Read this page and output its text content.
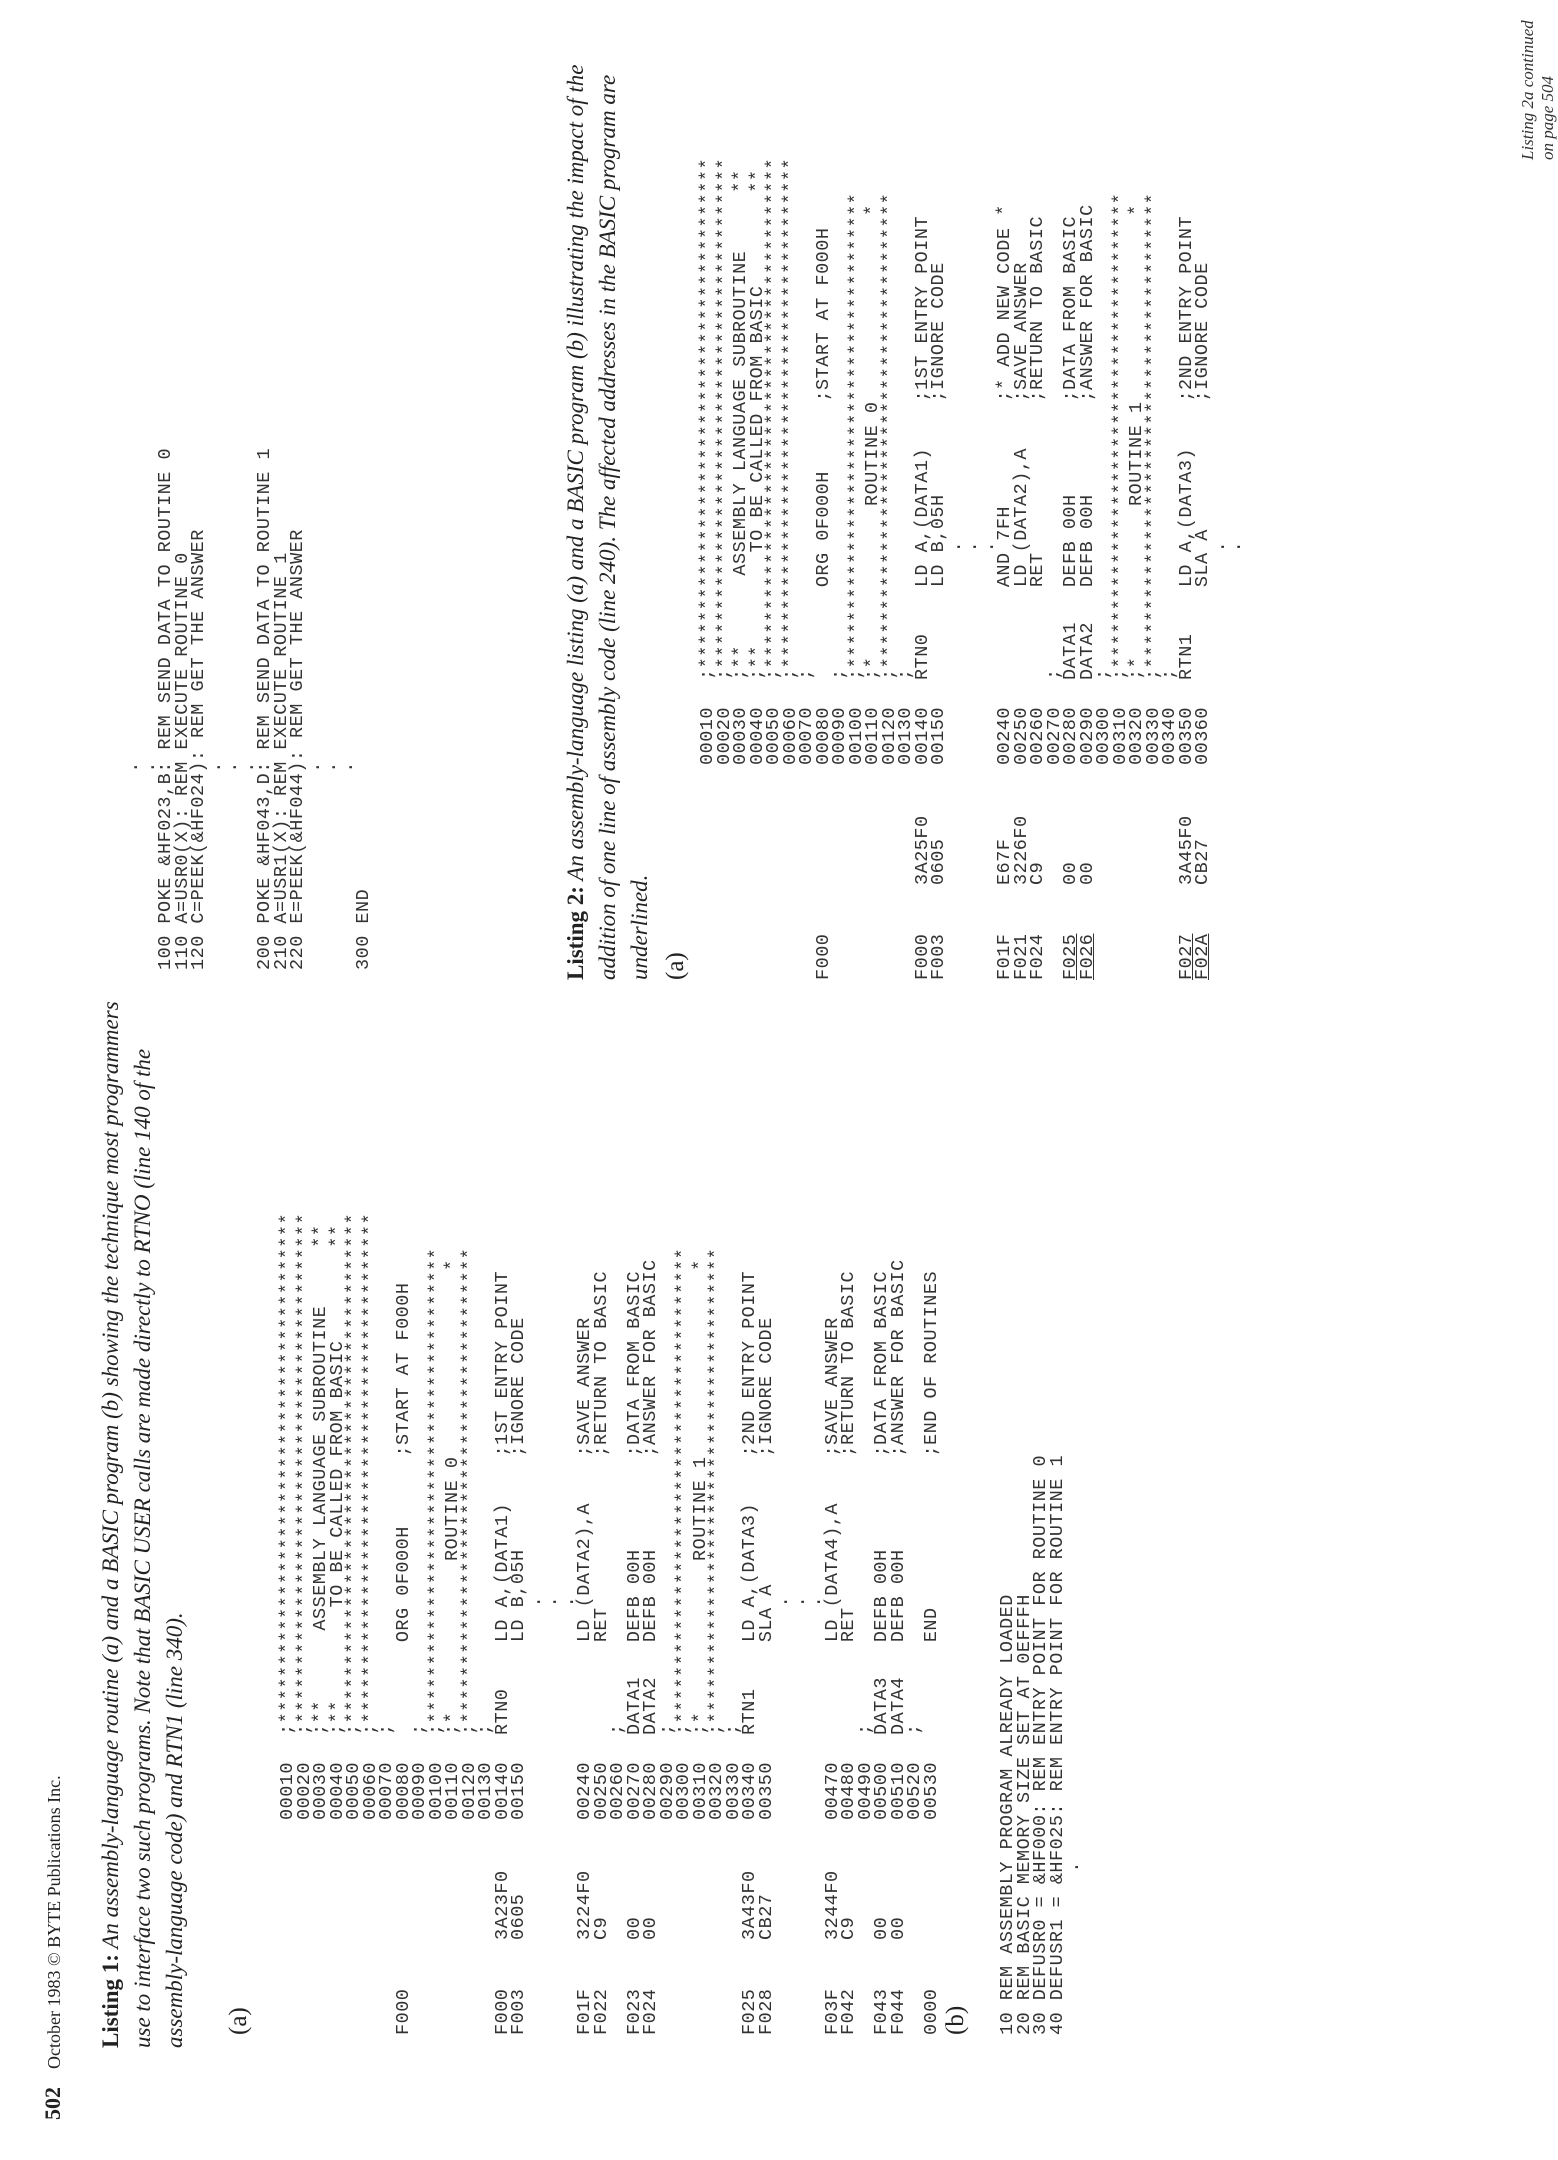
502October 1983 © BYTE Publications Inc.
Listing 2a continued on page 504
Listing 1: An assembly-language routine (a) and a BASIC program (b) showing the technique most programmers use to interface two such programs. Note that BASIC USER calls are made directly to RTNO (line 140 of the assembly-language code) and RTN1 (line 340). (a)
00010
;********************************************
00020
;********************************************
00030
;**      ASSEMBLY LANGUAGE SUBROUTINE     **
00040
;**        TO BE CALLED FROM BASIC        **
00050
;********************************************
00060
;********************************************
00070
;
F000
00080
ORG 0F000H      ;START AT F000H
00090
;
00100
;*****************************************
00110
;*             ROUTINE 0                *
00120
;*****************************************
00130
;
F000
3A23F0
00140
RTN0    LD A,(DATA1)    ;1ST ENTRY POINT
F003
0605
00150
LD B,05H        ;IGNORE CODE
.
.
.
F01F
3224F0
00240
LD (DATA2),A    ;SAVE ANSWER
F022
C9
00250
RET             ;RETURN TO BASIC
00260
;
F023
00
00270
DATA1   DEFB 00H        ;DATA FROM BASIC
F024
00
00280
DATA2   DEFB 00H        ;ANSWER FOR BASIC
00290
;
00300
;*****************************************
00310
;*             ROUTINE 1                *
00320
;*****************************************
00330
;
F025
3A43F0
00340
RTN1    LD A,(DATA3)    ;2ND ENTRY POINT
F028
CB27
00350
SLA A           ;IGNORE CODE
.
.
.
F03F
3244F0
00470
LD (DATA4),A    ;SAVE ANSWER
F042
C9
00480
RET             ;RETURN TO BASIC
00490
;
F043
00
00500
DATA3   DEFB 00H        ;DATA FROM BASIC
F044
00
00510
DATA4   DEFB 00H        ;ANSWER FOR BASIC
00520
;
0000
00530
END             ;END OF ROUTINES
(b) 10 REM ASSEMBLY PROGRAM ALREADY LOADED
20 REM BASIC MEMORY SIZE SET AT 0EFFFH
30 DEFUSR0 = &HF000: REM ENTRY POINT FOR ROUTINE 0
40 DEFUSR1 = &HF025: REM ENTRY POINT FOR ROUTINE 1
.
.
.
100 POKE &HF023,B: REM SEND DATA TO ROUTINE 0
110 A=USR0(X): REM EXECUTE ROUTINE 0
120 C=PEEK(&HF024): REM GET THE ANSWER
.
.
.
200 POKE &HF043,D: REM SEND DATA TO ROUTINE 1
210 A=USR1(X): REM EXECUTE ROUTINE 1
220 E=PEEK(&HF044): REM GET THE ANSWER
.
.
.
300 END	Listing 2: An assembly-language listing (a) and a BASIC program (b) illustrating the impact of the addition of one line of assembly code (line 240). The affected addresses in the BASIC program are underlined. (a)
00010
;********************************************
00020
;********************************************
00030
;**      ASSEMBLY LANGUAGE SUBROUTINE     **
00040
;**        TO BE CALLED FROM BASIC        **
00050
;********************************************
00060
;********************************************
00070
;
F000
00080
ORG 0F000H      ;START AT F000H
00090
;
00100
;*****************************************
00110
;*             ROUTINE 0                *
00120
;*****************************************
00130
;
F000
3A25F0
00140
RTN0    LD A,(DATA1)    ;1ST ENTRY POINT
F003
0605
00150
LD B,05H        ;IGNORE CODE
.
.
.
F01F
E67F
00240
AND 7FH         ;* ADD NEW CODE *
F021
3226F0
00250
LD (DATA2),A    ;SAVE ANSWER
F024
C9
00260
RET             ;RETURN TO BASIC
00270
;
F025
00
00280
DATA1   DEFB 00H        ;DATA FROM BASIC
F026
00
00290
DATA2   DEFB 00H        ;ANSWER FOR BASIC
00300
;
00310
;*****************************************
00320
;*             ROUTINE 1                *
00330
;*****************************************
00340
;
F027
3A45F0
00350
RTN1    LD A,(DATA3)    ;2ND ENTRY POINT
F02A
CB27
00360
SLA A           ;IGNORE CODE
.
.
